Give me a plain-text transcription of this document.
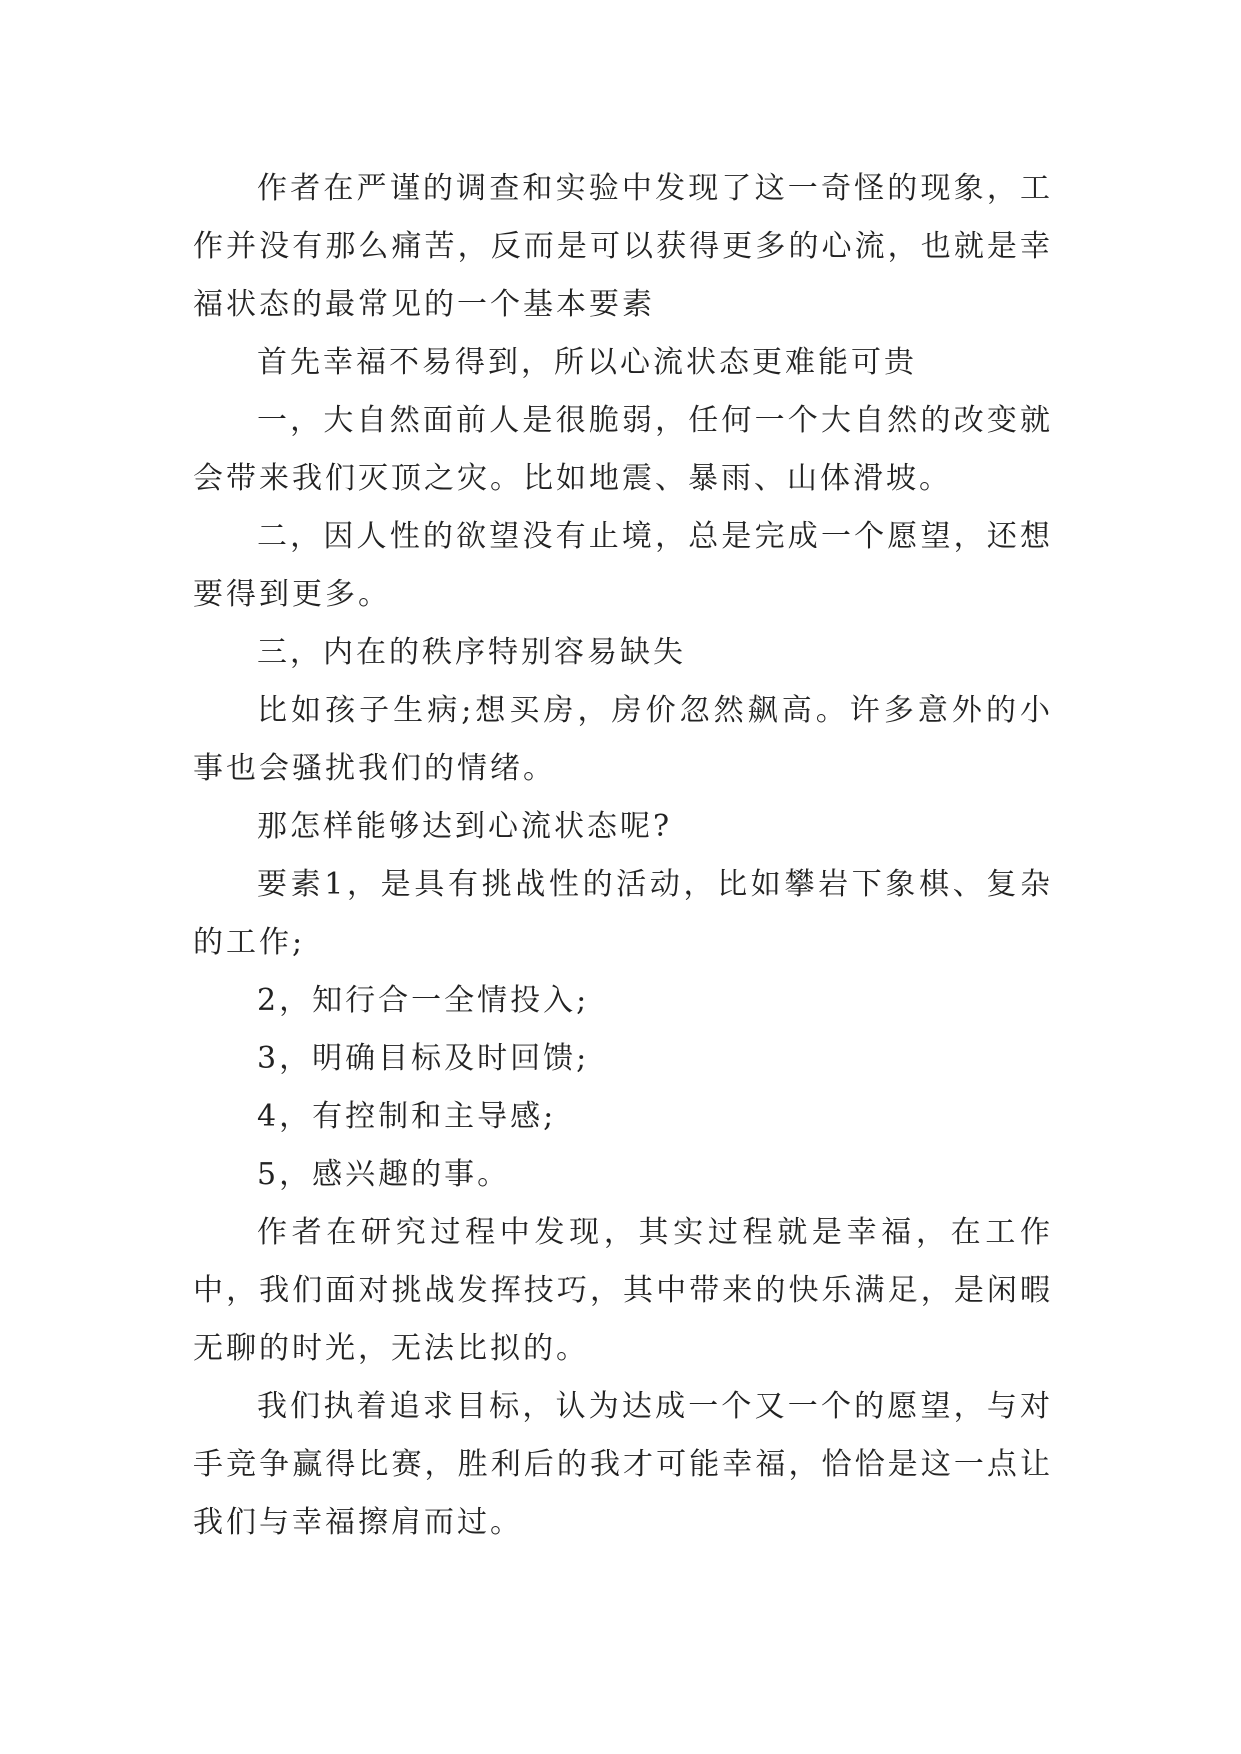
作者在严谨的调查和实验中发现了这一奇怪的现象，工作并没有那么痛苦，反而是可以获得更多的心流，也就是幸福状态的最常见的一个基本要素

首先幸福不易得到，所以心流状态更难能可贵

一，大自然面前人是很脆弱，任何一个大自然的改变就会带来我们灭顶之灾。比如地震、暴雨、山体滑坡。

二，因人性的欲望没有止境，总是完成一个愿望，还想要得到更多。

三，内在的秩序特别容易缺失

比如孩子生病;想买房，房价忽然飙高。许多意外的小事也会骚扰我们的情绪。

那怎样能够达到心流状态呢?

要素1，是具有挑战性的活动，比如攀岩下象棋、复杂的工作;

2，知行合一全情投入;

3，明确目标及时回馈;

4，有控制和主导感;

5，感兴趣的事。

作者在研究过程中发现，其实过程就是幸福，在工作中，我们面对挑战发挥技巧，其中带来的快乐满足，是闲暇无聊的时光，无法比拟的。

我们执着追求目标，认为达成一个又一个的愿望，与对手竞争赢得比赛，胜利后的我才可能幸福，恰恰是这一点让我们与幸福擦肩而过。
